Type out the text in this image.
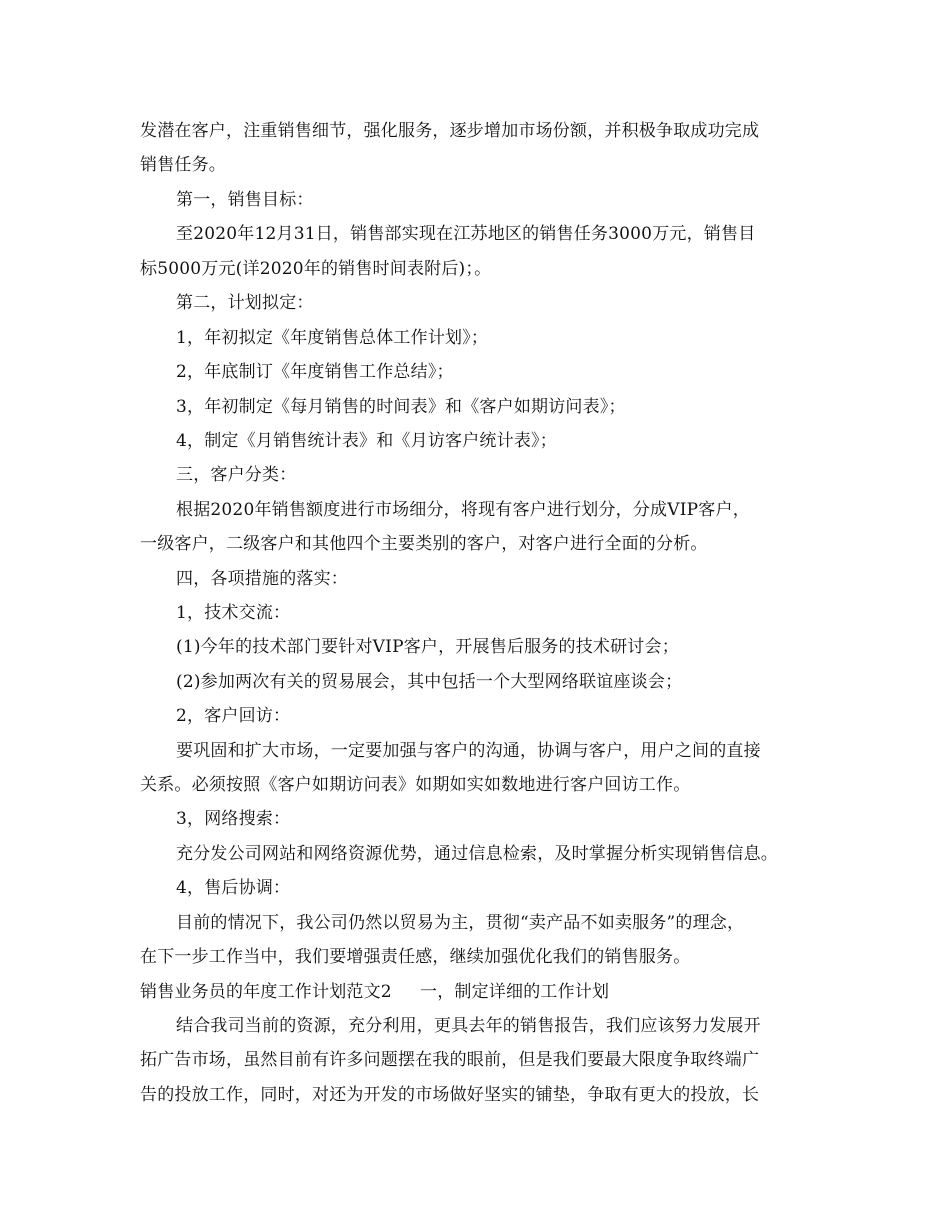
发潜在客户，注重销售细节，强化服务，逐步增加市场份额，并积极争取成功完成
销售任务。
第一，销售目标：
至2020年12月31日，销售部实现在江苏地区的销售任务3000万元，销售目
标5000万元(详2020年的销售时间表附后)；。
第二，计划拟定：
1，年初拟定《年度销售总体工作计划》；
2，年底制订《年度销售工作总结》；
3，年初制定《每月销售的时间表》和《客户如期访问表》；
4，制定《月销售统计表》和《月访客户统计表》；
三，客户分类：
根据2020年销售额度进行市场细分，将现有客户进行划分，分成VIP客户，
一级客户，二级客户和其他四个主要类别的客户，对客户进行全面的分析。
四，各项措施的落实：
1，技术交流：
(1)今年的技术部门要针对VIP客户，开展售后服务的技术研讨会；
(2)参加两次有关的贸易展会，其中包括一个大型网络联谊座谈会；
2，客户回访：
要巩固和扩大市场，一定要加强与客户的沟通，协调与客户，用户之间的直接
关系。必须按照《客户如期访问表》如期如实如数地进行客户回访工作。
3，网络搜索：
充分发公司网站和网络资源优势，通过信息检索，及时掌握分析实现销售信息。
4，售后协调：
目前的情况下，我公司仍然以贸易为主，贯彻“卖产品不如卖服务”的理念，
在下一步工作当中，我们要增强责任感，继续加强优化我们的销售服务。
销售业务员的年度工作计划范文2 一，制定详细的工作计划
结合我司当前的资源，充分利用，更具去年的销售报告，我们应该努力发展开
拓广告市场，虽然目前有许多问题摆在我的眼前，但是我们要最大限度争取终端广
告的投放工作，同时，对还为开发的市场做好坚实的铺垫，争取有更大的投放，长
